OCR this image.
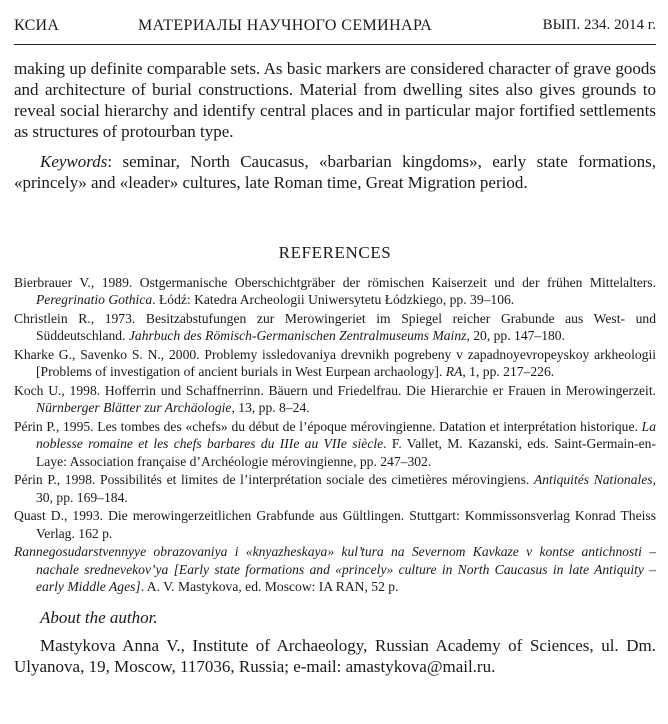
КСИА	МАТЕРИАЛЫ НАУЧНОГО СЕМИНАРА	ВЫП. 234. 2014 г.

making up definite comparable sets. As basic markers are considered character of grave goods and architecture of burial constructions. Material from dwelling sites also gives grounds to reveal social hierarchy and identify central places and in particular major fortified settlements as structures of protourban type.

Keywords: seminar, North Caucasus, «barbarian kingdoms», early state formations, «princely» and «leader» cultures, late Roman time, Great Migration period.

REFERENCES

Bierbrauer V., 1989. Ostgermanische Oberschichtgräber der römischen Kaiserzeit und der frühen Mittelalters. Peregrinatio Gothica. Łódź: Katedra Archeologii Uniwersytetu Łódzkiego, pp. 39–106.

Christlein R., 1973. Besitzabstufungen zur Merowingeriet im Spiegel reicher Grabunde aus West- und Süddeutschland. Jahrbuch des Römisch-Germanischen Zentralmuseums Mainz, 20, pp. 147–180.

Kharke G., Savenko S. N., 2000. Problemy issledovaniya drevnikh pogrebeny v zapadnoyevropeyskoy arkheologii [Problems of investigation of ancient burials in West Eurpean archaology]. RA, 1, pp. 217–226.

Koch U., 1998. Hofferrin und Schaffnerrinn. Bäuern und Friedelfrau. Die Hierarchie er Frauen in Merowingerzeit. Nürnberger Blätter zur Archäologie, 13, pp. 8–24.

Périn P., 1995. Les tombes des «chefs» du début de l’époque mérovingienne. Datation et interprétation historique. La noblesse romaine et les chefs barbares du IIIe au VIIe siècle. F. Vallet, M. Kazanski, eds. Saint-Germain-en-Laye: Association française d’Archéologie mérovingienne, pp. 247–302.

Périn P., 1998. Possibilités et limites de l’interprétation sociale des cimetières mérovingiens. Antiquités Nationales, 30, pp. 169–184.

Quast D., 1993. Die merowingerzeitlichen Grabfunde aus Gültlingen. Stuttgart: Kommissonsverlag Konrad Theiss Verlag. 162 p.

Rannegosudarstvennyye obrazovaniya i «knyazheskaya» kul’tura na Severnom Kavkaze v kontse antichnosti – nachale srednevekov’ya [Early state formations and «princely» culture in North Caucasus in late Antiquity – early Middle Ages]. A. V. Mastykova, ed. Moscow: IA RAN, 52 p.

About the author.
Mastykova Anna V., Institute of Archaeology, Russian Academy of Sciences, ul. Dm. Ulyanova, 19, Moscow, 117036, Russia; e-mail: amastykova@mail.ru.
